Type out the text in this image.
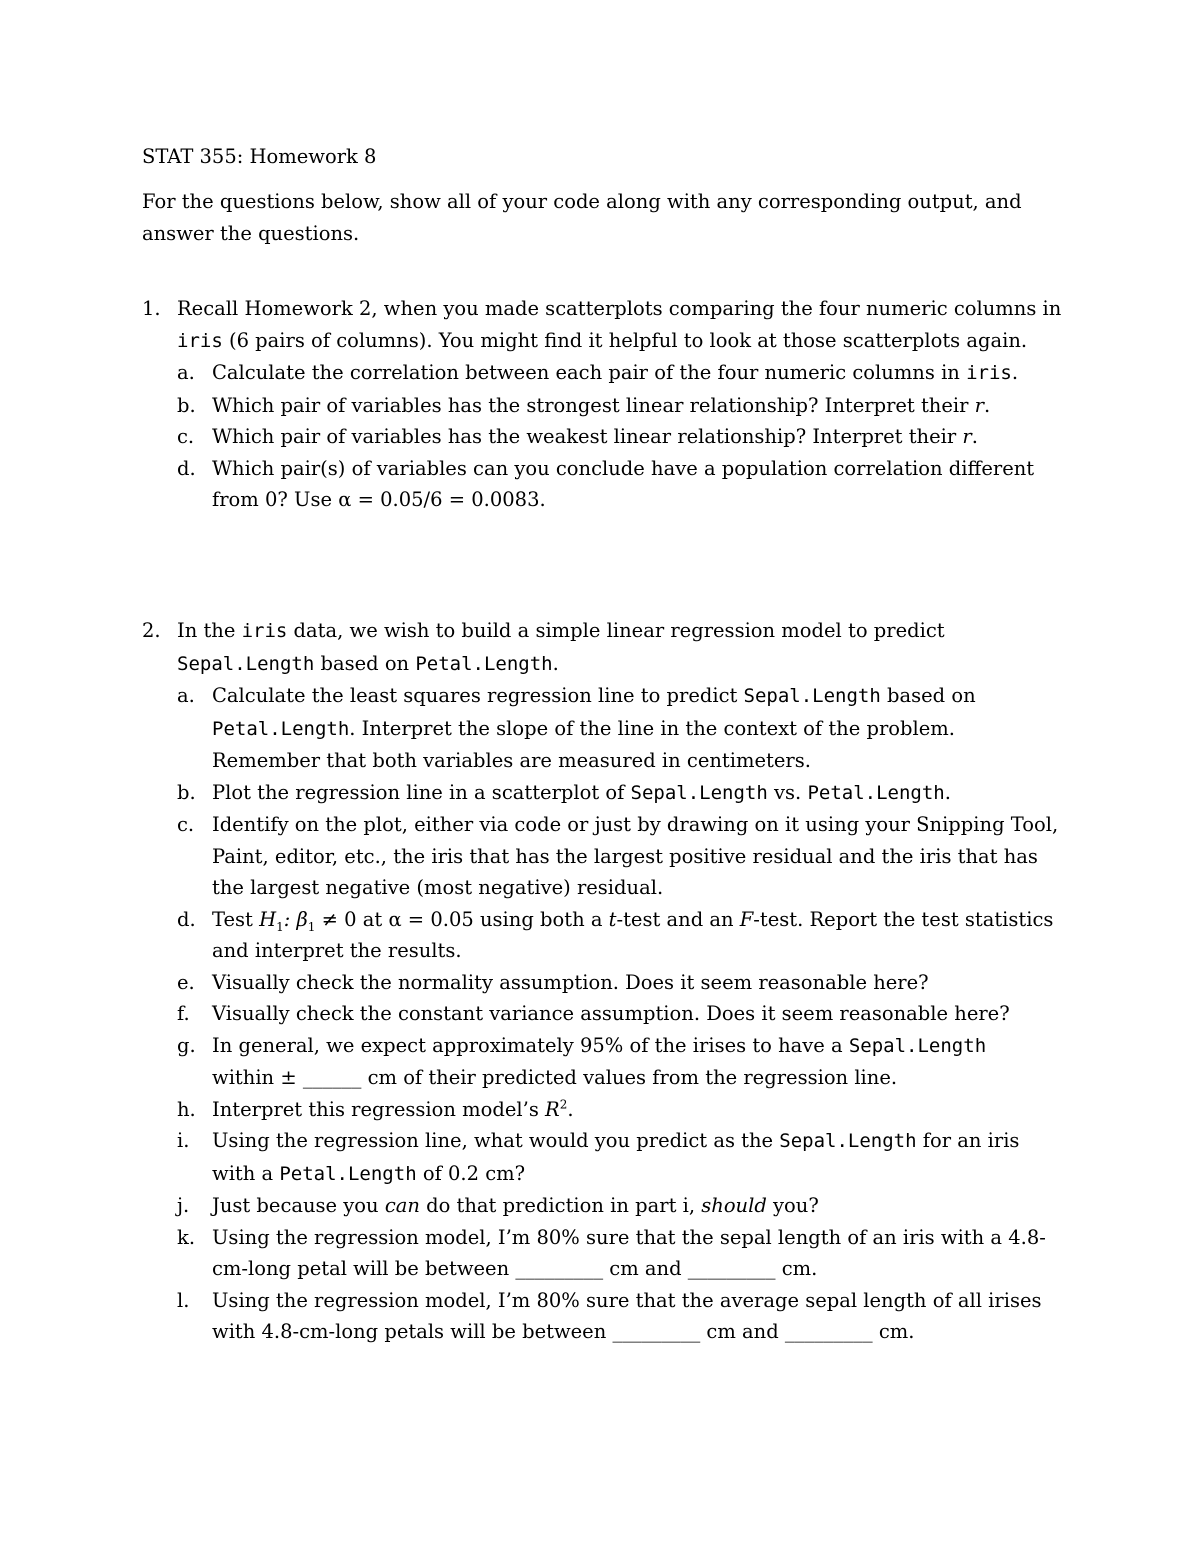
STAT 355: Homework 8
For the questions below, show all of your code along with any corresponding output, and answer the questions.
1. Recall Homework 2, when you made scatterplots comparing the four numeric columns in iris (6 pairs of columns). You might find it helpful to look at those scatterplots again.
a. Calculate the correlation between each pair of the four numeric columns in iris.
b. Which pair of variables has the strongest linear relationship? Interpret their r.
c. Which pair of variables has the weakest linear relationship? Interpret their r.
d. Which pair(s) of variables can you conclude have a population correlation different from 0? Use α = 0.05/6 = 0.0083.
2. In the iris data, we wish to build a simple linear regression model to predict
Sepal.Length based on Petal.Length.
a. Calculate the least squares regression line to predict Sepal.Length based on
Petal.Length. Interpret the slope of the line in the context of the problem. Remember that both variables are measured in centimeters.
b. Plot the regression line in a scatterplot of Sepal.Length vs. Petal.Length.
c. Identify on the plot, either via code or just by drawing on it using your Snipping Tool, Paint, editor, etc., the iris that has the largest positive residual and the iris that has the largest negative (most negative) residual.
d. Test $H_1$: $\beta_1 \ne 0$ at α = 0.05 using both a t-test and an F-test. Report the test statistics and interpret the results.
e. Visually check the normality assumption. Does it seem reasonable here?
f.	Visually check the constant variance assumption. Does it seem reasonable here?
g. In general, we expect approximately 95% of the irises to have a Sepal.Length
within ± ______ cm of their predicted values from the regression line.
h. Interpret this regression model’s $R^2$.
i.	Using the regression line, what would you predict as the Sepal.Length for an iris with a Petal.Length of 0.2 cm?
j.	Just because you can do that prediction in part i, should you?
k. Using the regression model, I’m 80% sure that the sepal length of an iris with a 4.8-cm-long petal will be between _________ cm and _________ cm.
l.	Using the regression model, I’m 80% sure that the average sepal length of all irises with 4.8-cm-long petals will be between _________ cm and _________ cm.
